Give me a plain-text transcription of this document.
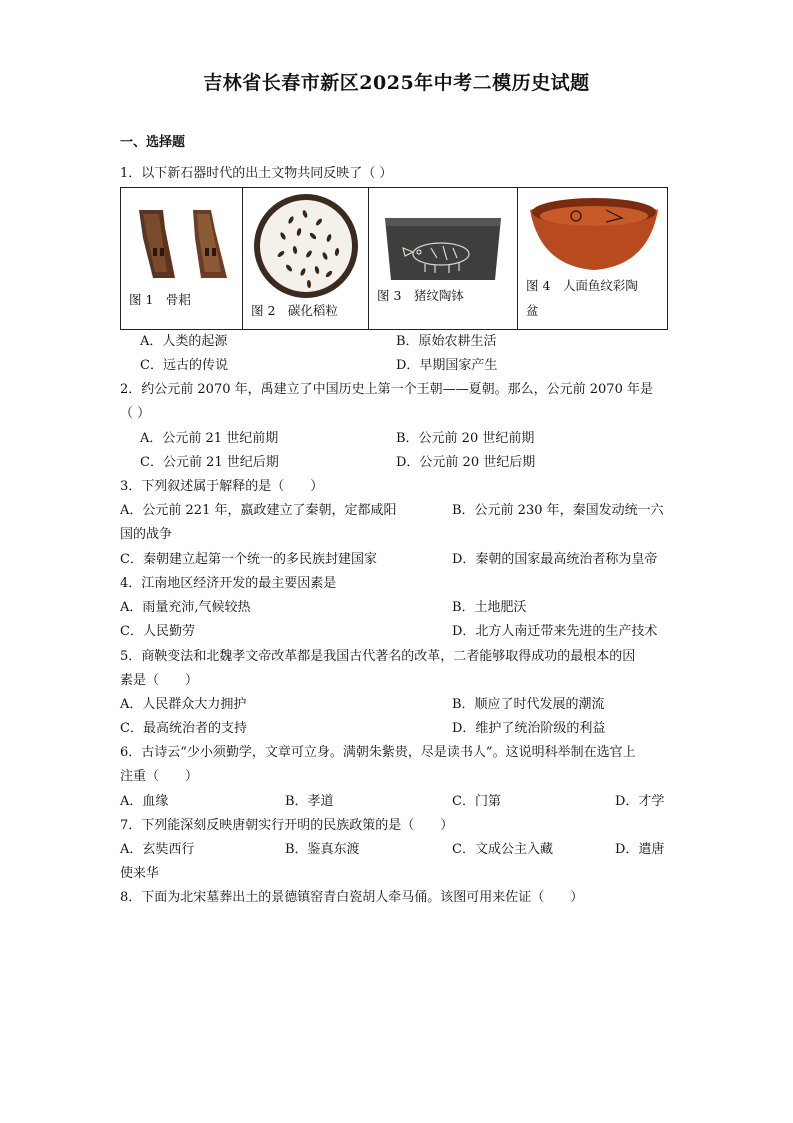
吉林省长春市新区2025年中考二模历史试题
一、选择题
1．以下新石器时代的出土文物共同反映了（ ）
图 1　骨耜

图 2　碳化稻粒

图 3　猪纹陶钵

图 4　人面鱼纹彩陶
盆
A．人类的起源	B．原始农耕生活
C．远古的传说	D．早期国家产生
2．约公元前 2070 年，禹建立了中国历史上第一个王朝——夏朝。那么，公元前 2070 年是
（ ）
A．公元前 21 世纪前期	B．公元前 20 世纪前期
C．公元前 21 世纪后期	D．公元前 20 世纪后期
3．下列叙述属于解释的是（　　）
A．公元前 221 年，嬴政建立了秦朝，定都咸阳	B．公元前 230 年，秦国发动统一六
国的战争
C．秦朝建立起第一个统一的多民族封建国家	D．秦朝的国家最高统治者称为皇帝
4．江南地区经济开发的最主要因素是
A．雨量充沛,气候较热	B．土地肥沃
C．人民勤劳	D．北方人南迁带来先进的生产技术
5．商鞅变法和北魏孝文帝改革都是我国古代著名的改革，二者能够取得成功的最根本的因
素是（　　）
A．人民群众大力拥护	B．顺应了时代发展的潮流
C．最高统治者的支持	D．维护了统治阶级的利益
6．古诗云“少小须勤学，文章可立身。满朝朱紫贵，尽是读书人”。这说明科举制在选官上
注重（　　）
A．血缘	B．孝道	C．门第	D．才学
7．下列能深刻反映唐朝实行开明的民族政策的是（　　）
A．玄奘西行	B．鉴真东渡	C．文成公主入藏	D．遣唐
使来华
8．下面为北宋墓葬出土的景德镇窑青白瓷胡人牵马俑。该图可用来佐证（　　）
